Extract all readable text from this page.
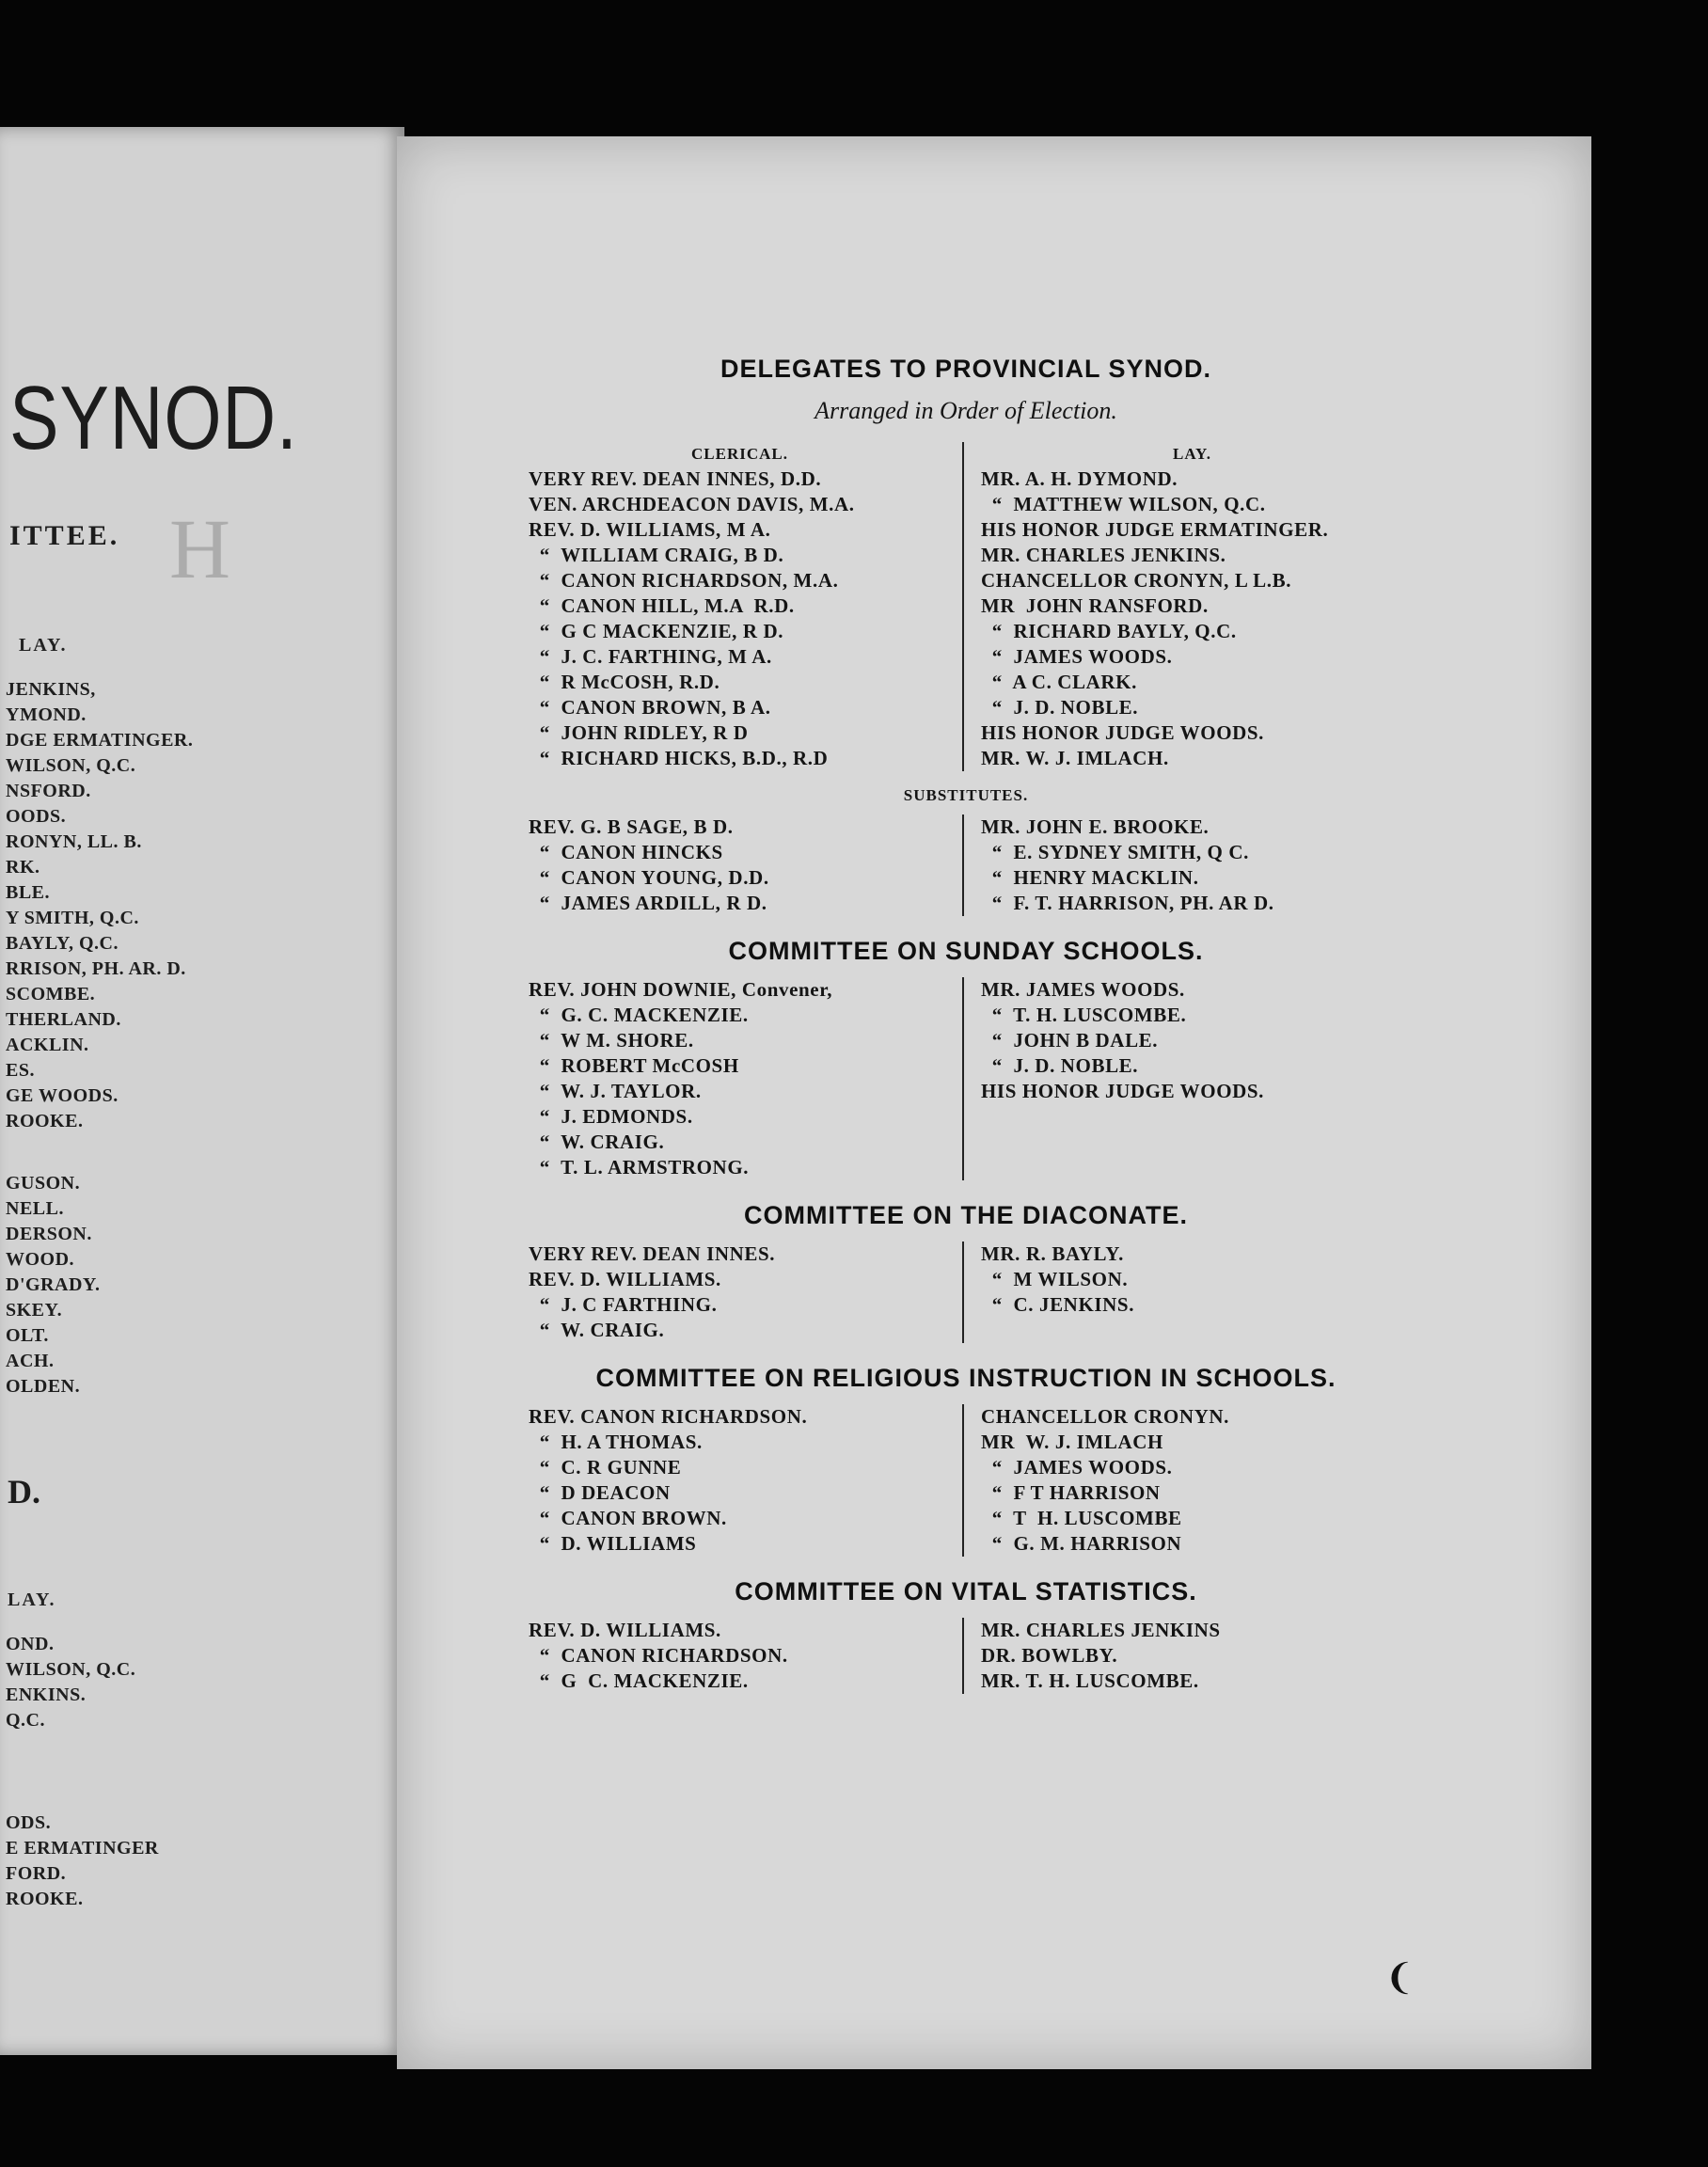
H
SYNOD.
ITTEE.

LAY.

JENKINS,
YMOND.
DGE ERMATINGER.
WILSON, Q.C.
NSFORD.
OODS.
RONYN, LL. B.
RK.
BLE.
Y SMITH, Q.C.
BAYLY, Q.C.
RRISON, PH. AR. D.
SCOMBE.
THERLAND.
ACKLIN.
ES.
GE WOODS.
ROOKE.
GUSON.
NELL.
DERSON.
WOOD.
D'GRADY.
SKEY.
OLT.
ACH.
OLDEN.

D.

LAY.

OND.
WILSON, Q.C.
ENKINS.
Q.C.
ODS.
E ERMATINGER
FORD.
ROOKE.
DELEGATES TO PROVINCIAL SYNOD.

Arranged in Order of Election.

CLERICAL.
VERY REV. DEAN INNES, D.D.
VEN. ARCHDEACON DAVIS, M.A.
REV. D. WILLIAMS, M A.
“  WILLIAM CRAIG, B D.
“  CANON RICHARDSON, M.A.
“  CANON HILL, M.A  R.D.
“  G C MACKENZIE, R D.
“  J. C. FARTHING, M A.
“  R McCOSH, R.D.
“  CANON BROWN, B A.
“  JOHN RIDLEY, R D
“  RICHARD HICKS, B.D., R.D
LAY.
MR. A. H. DYMOND.
“  MATTHEW WILSON, Q.C.
HIS HONOR JUDGE ERMATINGER.
MR. CHARLES JENKINS.
CHANCELLOR CRONYN, L L.B.
MR  JOHN RANSFORD.
“  RICHARD BAYLY, Q.C.
“  JAMES WOODS.
“  A C. CLARK.
“  J. D. NOBLE.
HIS HONOR JUDGE WOODS.
MR. W. J. IMLACH.
SUBSTITUTES.
REV. G. B SAGE, B D.
“  CANON HINCKS
“  CANON YOUNG, D.D.
“  JAMES ARDILL, R D.
MR. JOHN E. BROOKE.
“  E. SYDNEY SMITH, Q C.
“  HENRY MACKLIN.
“  F. T. HARRISON, PH. AR D.
COMMITTEE ON SUNDAY SCHOOLS.
REV. JOHN DOWNIE, Convener,
“  G. C. MACKENZIE.
“  W M. SHORE.
“  ROBERT McCOSH
“  W. J. TAYLOR.
“  J. EDMONDS.
“  W. CRAIG.
“  T. L. ARMSTRONG.
MR. JAMES WOODS.
“  T. H. LUSCOMBE.
“  JOHN B DALE.
“  J. D. NOBLE.
HIS HONOR JUDGE WOODS.
COMMITTEE ON THE DIACONATE.
VERY REV. DEAN INNES.
REV. D. WILLIAMS.
“  J. C FARTHING.
“  W. CRAIG.
MR. R. BAYLY.
“  M WILSON.
“  C. JENKINS.
COMMITTEE ON RELIGIOUS INSTRUCTION IN SCHOOLS.
REV. CANON RICHARDSON.
“  H. A THOMAS.
“  C. R GUNNE
“  D DEACON
“  CANON BROWN.
“  D. WILLIAMS
CHANCELLOR CRONYN.
MR  W. J. IMLACH
“  JAMES WOODS.
“  F T HARRISON
“  T  H. LUSCOMBE
“  G. M. HARRISON
COMMITTEE ON VITAL STATISTICS.
REV. D. WILLIAMS.
“  CANON RICHARDSON.
“  G  C. MACKENZIE.
MR. CHARLES JENKINS
DR. BOWLBY.
MR. T. H. LUSCOMBE.
❨
